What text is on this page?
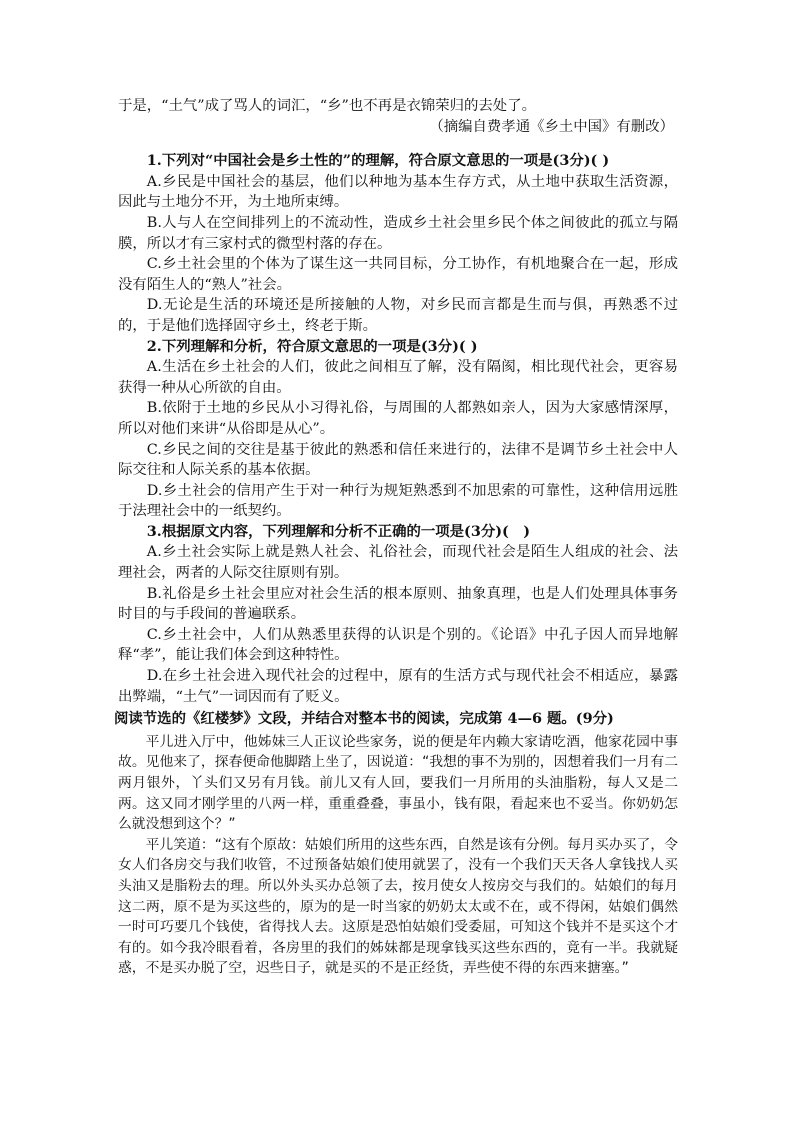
于是，“土气”成了骂人的词汇，“乡”也不再是衣锦荣归的去处了。

（摘编自费孝通《乡土中国》有删改）

1.下列对“中国社会是乡土性的”的理解，符合原文意思的一项是(3分)( )

A.乡民是中国社会的基层，他们以种地为基本生存方式，从土地中获取生活资源，因此与土地分不开，为土地所束缚。

B.人与人在空间排列上的不流动性，造成乡土社会里乡民个体之间彼此的孤立与隔膜，所以才有三家村式的微型村落的存在。

C.乡土社会里的个体为了谋生这一共同目标，分工协作，有机地聚合在一起，形成没有陌生人的“熟人”社会。

D.无论是生活的环境还是所接触的人物，对乡民而言都是生而与俱，再熟悉不过的，于是他们选择固守乡土，终老于斯。

2.下列理解和分析，符合原文意思的一项是(3分)( )

A.生活在乡土社会的人们，彼此之间相互了解，没有隔阂，相比现代社会，更容易获得一种从心所欲的自由。

B.依附于土地的乡民从小习得礼俗，与周围的人都熟如亲人，因为大家感情深厚，所以对他们来讲“从俗即是从心”。

C.乡民之间的交往是基于彼此的熟悉和信任来进行的，法律不是调节乡土社会中人际交往和人际关系的基本依据。

D.乡土社会的信用产生于对一种行为规矩熟悉到不加思索的可靠性，这种信用远胜于法理社会中的一纸契约。

3.根据原文内容，下列理解和分析不正确的一项是(3分)(　)

A.乡土社会实际上就是熟人社会、礼俗社会，而现代社会是陌生人组成的社会、法理社会，两者的人际交往原则有别。

B.礼俗是乡土社会里应对社会生活的根本原则、抽象真理，也是人们处理具体事务时目的与手段间的普遍联系。

C.乡土社会中，人们从熟悉里获得的认识是个别的。《论语》中孔子因人而异地解释“孝”，能让我们体会到这种特性。

D.在乡土社会进入现代社会的过程中，原有的生活方式与现代社会不相适应，暴露出弊端，“土气”一词因而有了贬义。

阅读节选的《红楼梦》文段，并结合对整本书的阅读，完成第 4—6 题。(9分)

平儿进入厅中，他姊妹三人正议论些家务，说的便是年内赖大家请吃酒，他家花园中事故。见他来了，探春便命他脚踏上坐了，因说道：“我想的事不为别的，因想着我们一月有二两月银外，丫头们又另有月钱。前儿又有人回，要我们一月所用的头油脂粉，每人又是二两。这又同才刚学里的八两一样，重重叠叠，事虽小，钱有限，看起来也不妥当。你奶奶怎么就没想到这个？”

平儿笑道：“这有个原故：姑娘们所用的这些东西，自然是该有分例。每月买办买了，令女人们各房交与我们收管，不过预备姑娘们使用就罢了，没有一个我们天天各人拿钱找人买头油又是脂粉去的理。所以外头买办总领了去，按月使女人按房交与我们的。姑娘们的每月这二两，原不是为买这些的，原为的是一时当家的奶奶太太或不在，或不得闲，姑娘们偶然一时可巧要几个钱使，省得找人去。这原是恐怕姑娘们受委屈，可知这个钱并不是买这个才有的。如今我冷眼看着，各房里的我们的姊妹都是现拿钱买这些东西的，竟有一半。我就疑惑，不是买办脱了空，迟些日子，就是买的不是正经货，弄些使不得的东西来搪塞。”
